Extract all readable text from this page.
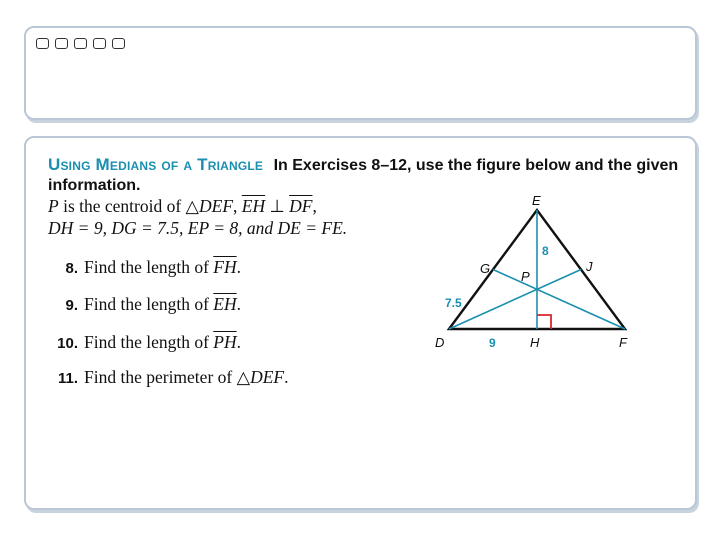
Using Medians of a Triangle In Exercises 8–12, use the figure below and the given information.
P is the centroid of △DEF, $\overline{EH}$ ⊥ $\overline{DF}$,
DH = 9, DG = 7.5, EP = 8, and DE = FE.
8. Find the length of $\overline{FH}$.
9. Find the length of $\overline{EH}$.
10. Find the length of $\overline{PH}$.
11. Find the perimeter of △DEF.
E
D	F
G	J
P
H
8
7.5
9
